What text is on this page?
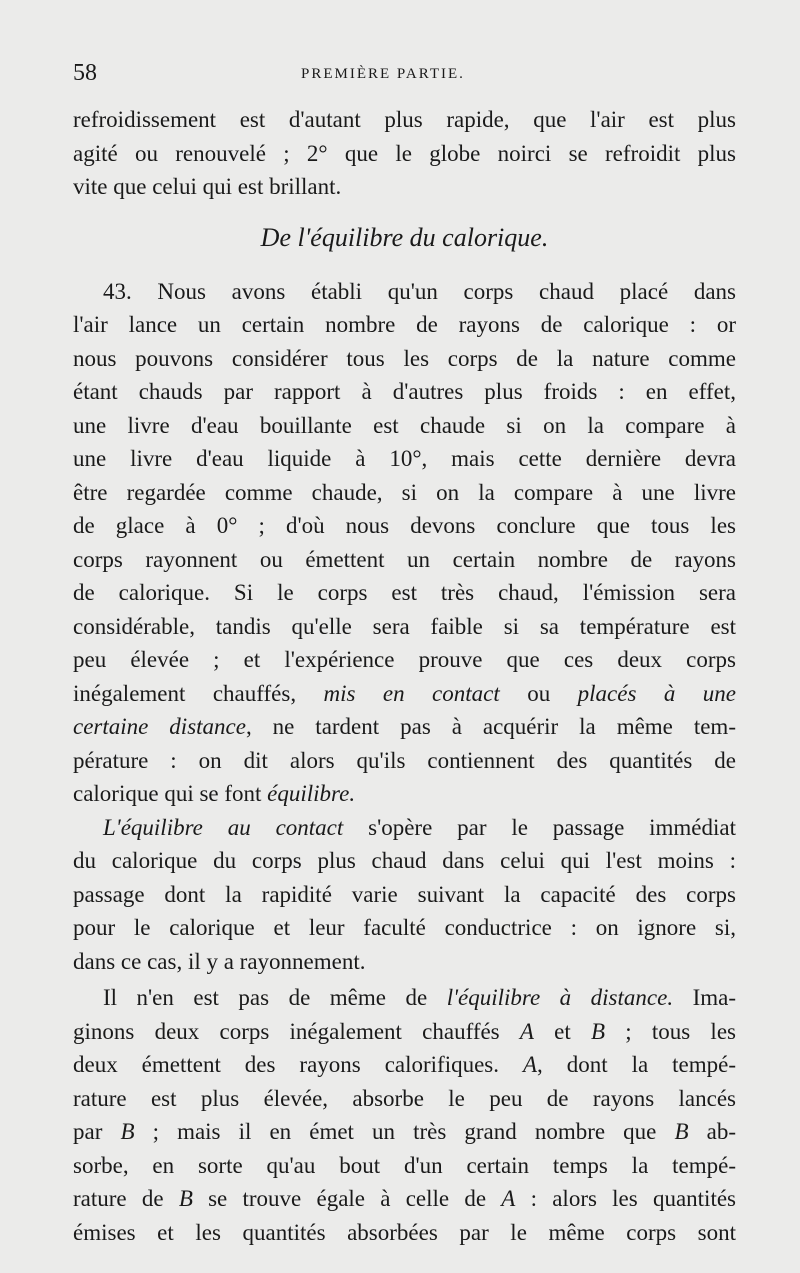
58	PREMIÈRE PARTIE.
refroidissement est d'autant plus rapide, que l'air est plus
agité ou renouvelé ; 2° que le globe noirci se refroidit plus
vite que celui qui est brillant.
De l'équilibre du calorique.
43. Nous avons établi qu'un corps chaud placé dans
l'air lance un certain nombre de rayons de calorique : or
nous pouvons considérer tous les corps de la nature comme
étant chauds par rapport à d'autres plus froids : en effet,
une livre d'eau bouillante est chaude si on la compare à
une livre d'eau liquide à 10°, mais cette dernière devra
être regardée comme chaude, si on la compare à une livre
de glace à 0° ; d'où nous devons conclure que tous les
corps rayonnent ou émettent un certain nombre de rayons
de calorique. Si le corps est très chaud, l'émission sera
considérable, tandis qu'elle sera faible si sa température est
peu élevée ; et l'expérience prouve que ces deux corps
inégalement chauffés, mis en contact ou placés à une
certaine distance, ne tardent pas à acquérir la même tem-
pérature : on dit alors qu'ils contiennent des quantités de
calorique qui se font équilibre.
L'équilibre au contact s'opère par le passage immédiat
du calorique du corps plus chaud dans celui qui l'est moins :
passage dont la rapidité varie suivant la capacité des corps
pour le calorique et leur faculté conductrice : on ignore si,
dans ce cas, il y a rayonnement.
Il n'en est pas de même de l'équilibre à distance. Ima-
ginons deux corps inégalement chauffés A et B ; tous les
deux émettent des rayons calorifiques. A, dont la tempé-
rature est plus élevée, absorbe le peu de rayons lancés
par B ; mais il en émet un très grand nombre que B ab-
sorbe, en sorte qu'au bout d'un certain temps la tempé-
rature de B se trouve égale à celle de A : alors les quantités
émises et les quantités absorbées par le même corps sont
